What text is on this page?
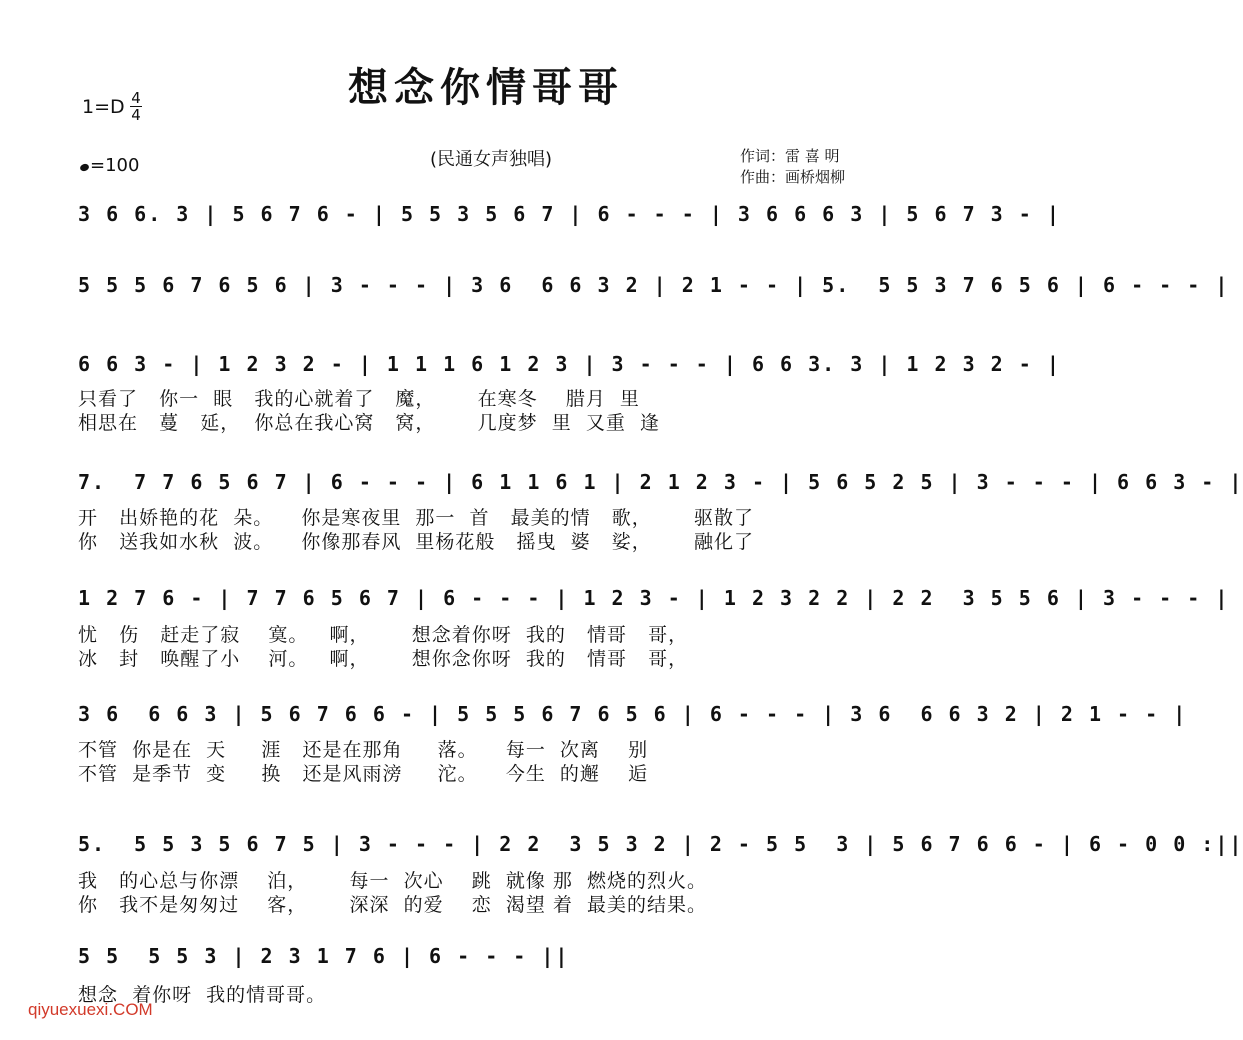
想念你情哥哥
$1=D \frac{4}{4}$
=100	(民通女声独唱)	作词：雷 喜 明
作曲：画桥烟柳
3 6 6. 3 | 5 6 7 6 - | 5 5 3 5 6 7 | 6 - - - | 3 6 6 6 3 | 5 6 7 3 - |
5 5 5 6 7 6 5 6 | 3 - - - | 3 6  6 6 3 2 | 2 1 - - | 5.  5 5 3 7 6 5 6 | 6 - - - |
6 6 3 - | 1 2 3 2 - | 1 1 1 6 1 2 3 | 3 - - - | 6 6 3. 3 | 1 2 3 2 - |
只看了   你一  眼   我的心就着了   魔，      在寒冬    腊月  里
相思在   蔓   延，  你总在我心窝   窝，      几度梦  里  又重  逢
7.  7 7 6 5 6 7 | 6 - - - | 6 1 1 6 1 | 2 1 2 3 - | 5 6 5 2 5 | 3 - - - | 6 6 3 - |
开   出娇艳的花  朵。    你是寒夜里  那一  首   最美的情   歌，      驱散了
你   送我如水秋  波。    你像那春风  里杨花般   摇曳  婆   娑，      融化了
1 2 7 6 - | 7 7 6 5 6 7 | 6 - - - | 1 2 3 - | 1 2 3 2 2 | 2 2  3 5 5 6 | 3 - - - |
忧   伤   赶走了寂    寞。   啊，      想念着你呀  我的   情哥   哥，
冰   封   唤醒了小    河。   啊，      想你念你呀  我的   情哥   哥，
3 6  6 6 3 | 5 6 7 6 6 - | 5 5 5 6 7 6 5 6 | 6 - - - | 3 6  6 6 3 2 | 2 1 - - |
不管  你是在  天     涯   还是在那角     落。    每一  次离    别
不管  是季节  变     换   还是风雨滂     沱。    今生  的邂    逅
5.  5 5 3 5 6 7 5 | 3 - - - | 2 2  3 5 3 2 | 2 - 5 5  3 | 5 6 7 6 6 - | 6 - 0 0 :||
我   的心总与你漂    泊，      每一  次心    跳  就像 那  燃烧的烈火。
你   我不是匆匆过    客，      深深  的爱    恋  渴望 着  最美的结果。
5 5  5 5 3 | 2 3 1 7 6 | 6 - - - ||
想念  着你呀  我的情哥哥。
qiyuexuexi.COM
